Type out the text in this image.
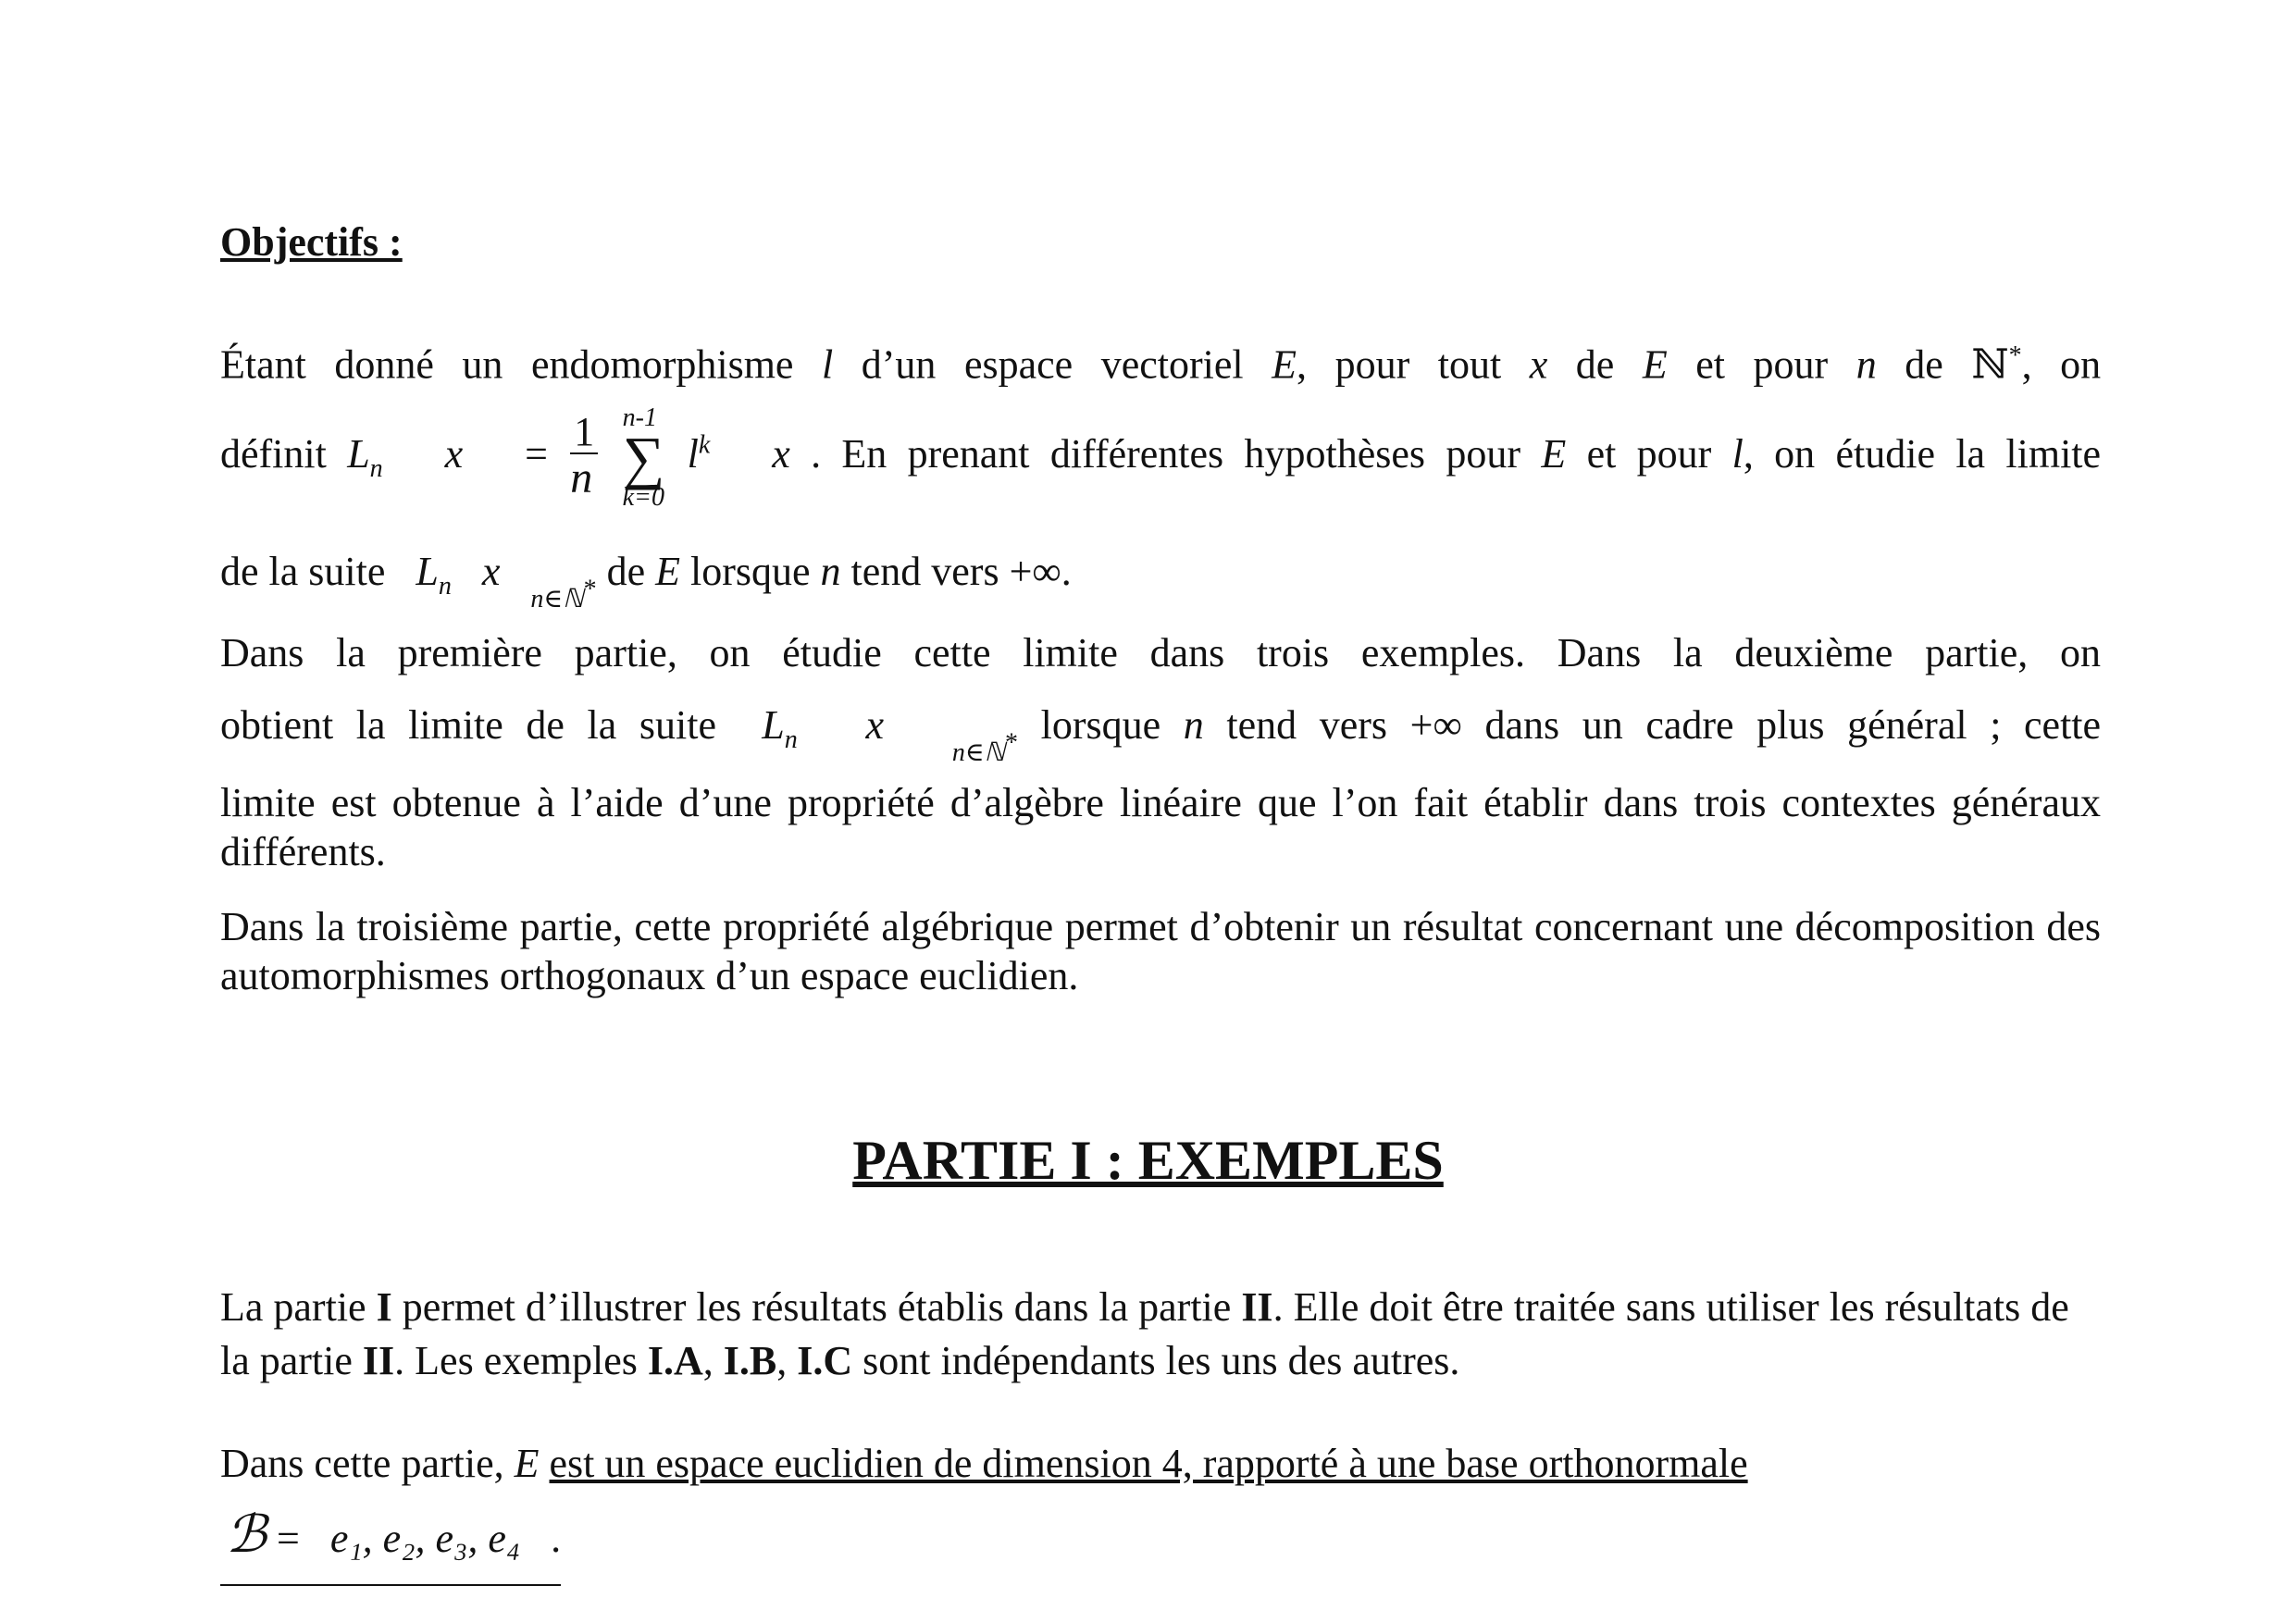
Objectifs :
Étant donné un endomorphisme l d’un espace vectoriel E, pour tout x de E et pour n de ℕ*, on
définit $L_n$ $x = \frac{1}{n}$
n-1
∑
k=0
$l^k$ x . En prenant différentes hypothèses pour E et pour l, on étudie la limite
de la suite $L_n$ x   $_{n\in ℕ^*}$ de E lorsque n tend vers +∞.
Dans la première partie, on étudie cette limite dans trois exemples. Dans la deuxième partie, on
obtient la limite de la suite $L_n$ x   $_{n\in ℕ^*}$ lorsque n tend vers +∞ dans un cadre plus général ; cette
limite est obtenue à l’aide d’une propriété d’algèbre linéaire que l’on fait établir dans trois contextes généraux différents.
Dans la troisième partie, cette propriété algébrique permet d’obtenir un résultat concernant une décomposition des automorphismes orthogonaux d’un espace euclidien.
PARTIE I : EXEMPLES
La partie I permet d’illustrer les résultats établis dans la partie II. Elle doit être traitée sans utiliser les résultats de la partie II. Les exemples I.A, I.B, I.C sont indépendants les uns des autres.
Dans cette partie, E est un espace euclidien de dimension 4, rapporté à une base orthonormale
ℬ = e₁, e₂, e₃, e₄ .
